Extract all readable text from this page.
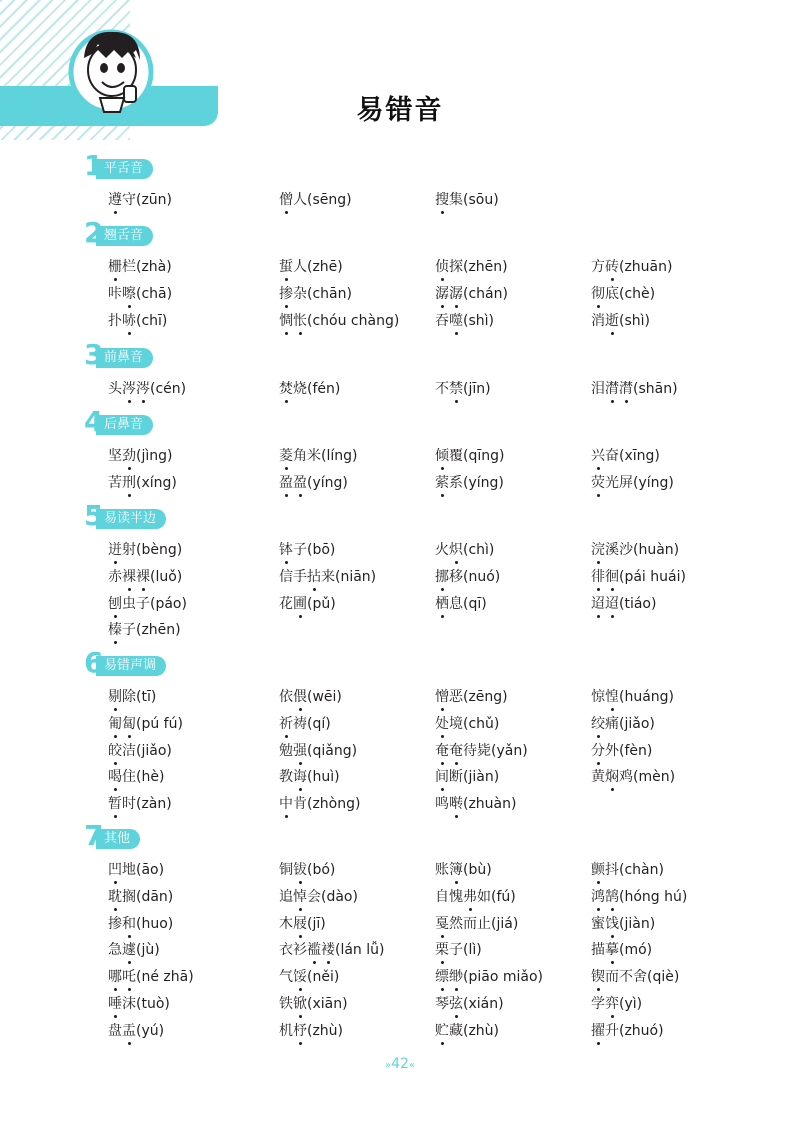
易错音
平舌音
1
遵守(zūn)	僧人(sēng)	搜集(sōu)
翘舌音
2
栅栏(zhà)	蜇人(zhē)	侦探(zhēn)	方砖(zhuān)
咔嚓(chā)	掺杂(chān)	潺潺(chán)	彻底(chè)
扑哧(chī)	惆怅(chóu chàng)	吞噬(shì)	消逝(shì)
前鼻音
3
头涔涔(cén)	焚烧(fén)	不禁(jīn)	泪潸潸(shān)
后鼻音
4
坚劲(jìng)	菱角米(líng)	倾覆(qīng)	兴奋(xīng)
苦刑(xíng)	盈盈(yíng)	萦系(yíng)	荧光屏(yíng)
易读半边
5
迸射(bèng)	钵子(bō)	火炽(chì)	浣溪沙(huàn)
赤裸裸(luǒ)	信手拈来(niān)	挪移(nuó)	徘徊(pái huái)
刨虫子(páo)	花圃(pǔ)	栖息(qī)	迢迢(tiáo)
榛子(zhēn)
易错声调
6
剔除(tī)	依偎(wēi)	憎恶(zēng)	惊惶(huáng)
匍匐(pú fú)	祈祷(qí)	处境(chǔ)	绞痛(jiǎo)
皎洁(jiǎo)	勉强(qiǎng)	奄奄待毙(yǎn)	分外(fèn)
喝住(hè)	教诲(huì)	间断(jiàn)	黄焖鸡(mèn)
暂时(zàn)	中肯(zhòng)	鸣啭(zhuàn)
其他
7
凹地(āo)	铜钹(bó)	账簿(bù)	颤抖(chàn)
耽搁(dān)	追悼会(dào)	自愧弗如(fú)	鸿鹄(hóng hú)
掺和(huo)	木屐(jī)	戛然而止(jiá)	蜜饯(jiàn)
急遽(jù)	衣衫褴褛(lán lǚ)	栗子(lì)	描摹(mó)
哪吒(né zhā)	气馁(něi)	缥缈(piāo miǎo)	锲而不舍(qiè)
唾沫(tuò)	铁锨(xiān)	琴弦(xián)	学弈(yì)
盘盂(yú)	机杼(zhù)	贮藏(zhù)	擢升(zhuó)
»42«
